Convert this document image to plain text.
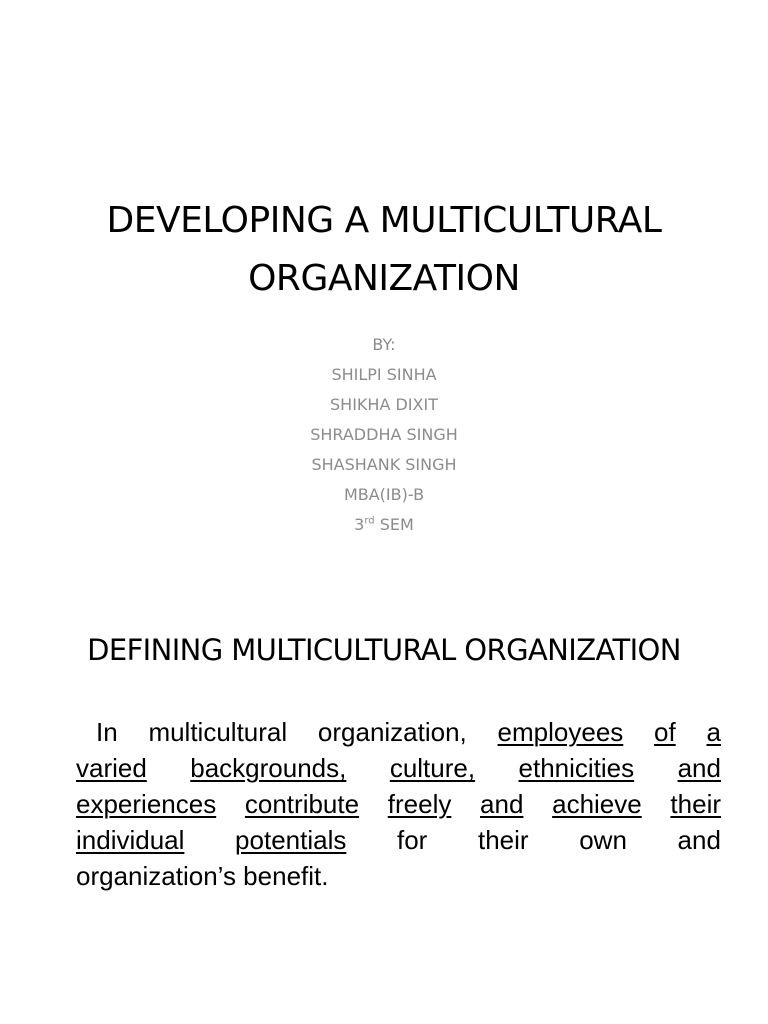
DEVELOPING A MULTICULTURAL
ORGANIZATION
BY:
SHILPI SINHA
SHIKHA DIXIT
SHRADDHA SINGH
SHASHANK SINGH
MBA(IB)-B
3rd SEM
DEFINING MULTICULTURAL ORGANIZATION
In multicultural organization, employees of a
varied backgrounds, culture, ethnicities and
experiences contribute freely and achieve their
individual potentials for their own and
organization’s benefit.
